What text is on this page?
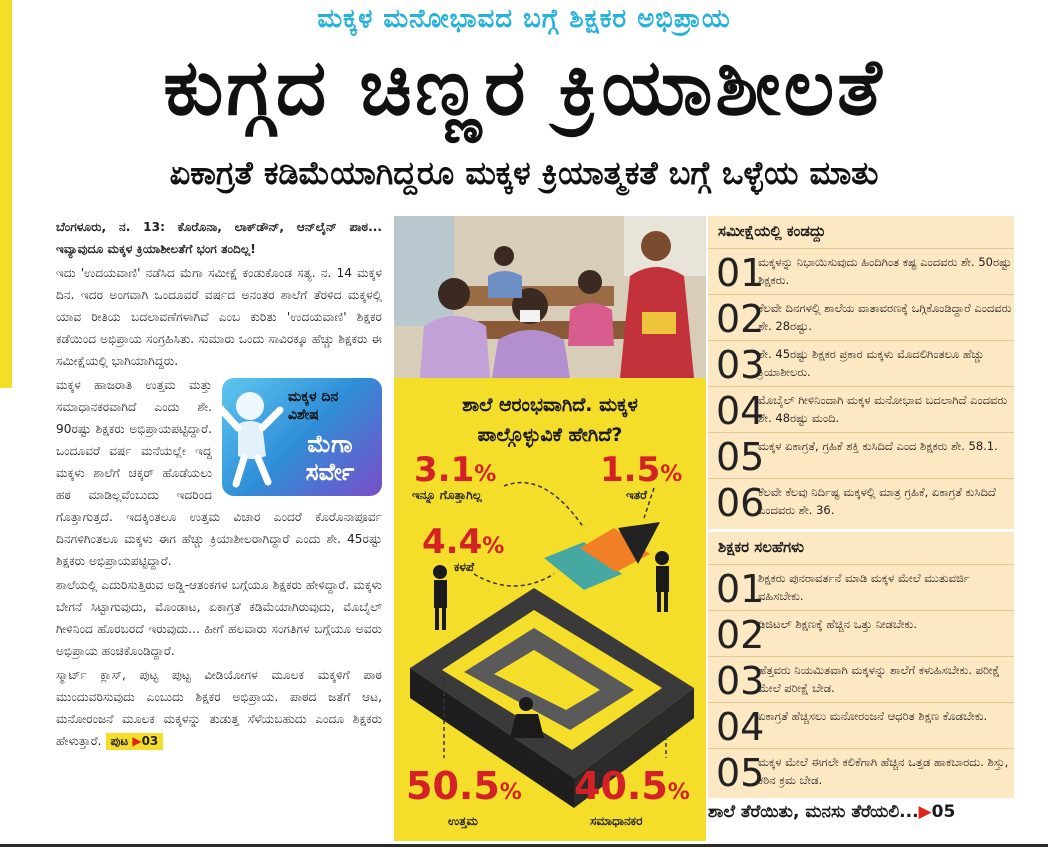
ಮಕ್ಕಳ ಮನೋಭಾವದ ಬಗ್ಗೆ ಶಿಕ್ಷಕರ ಅಭಿಪ್ರಾಯ
ಕುಗ್ಗದ ಚಿಣ್ಣರ ಕ್ರಿಯಾಶೀಲತೆ
ಏಕಾಗ್ರತೆ ಕಡಿಮೆಯಾಗಿದ್ದರೂ ಮಕ್ಕಳ ಕ್ರಿಯಾತ್ಮಕತೆ ಬಗ್ಗೆ ಒಳ್ಳೆಯ ಮಾತು

ಬೆಂಗಳೂರು, ನ. 13: ಕೊರೊನಾ, ಲಾಕ್‌ಡೌನ್, ಆನ್‌ಲೈನ್ ಪಾಠ... ಇವ್ಯಾವುದೂ ಮಕ್ಕಳ ಕ್ರಿಯಾಶೀಲತೆಗೆ ಭಂಗ ತಂದಿಲ್ಲ!

ಇದು 'ಉದಯವಾಣಿ' ನಡೆಸಿದ ಮೆಗಾ ಸಮೀಕ್ಷೆ ಕಂಡುಕೊಂಡ ಸತ್ಯ. ನ. 14 ಮಕ್ಕಳ ದಿನ. ಇದರ ಅಂಗವಾಗಿ ಒಂದೂವರೆ ವರ್ಷದ ಅನಂತರ ಶಾಲೆಗೆ ತೆರಳಿದ ಮಕ್ಕಳಲ್ಲಿ ಯಾವ ರೀತಿಯ ಬದಲಾವಣೆಗಳಾಗಿವೆ ಎಂಬ ಕುರಿತು 'ಉದಯವಾಣಿ' ಶಿಕ್ಷಕರ ಕಡೆಯಿಂದ ಅಭಿಪ್ರಾಯ ಸಂಗ್ರಹಿಸಿತು. ಸುಮಾರು ಒಂದು ಸಾವಿರಕ್ಕೂ ಹೆಚ್ಚು ಶಿಕ್ಷಕರು ಈ ಸಮೀಕ್ಷೆಯಲ್ಲಿ ಭಾಗಿಯಾಗಿದ್ದರು.

ಮಕ್ಕಳ ದಿನ
ವಿಶೇಷ
ಮೆಗಾ
ಸರ್ವೇ

ಮಕ್ಕಳ ಹಾಜರಾತಿ ಉತ್ತಮ ಮತ್ತು ಸಮಾಧಾನಕರವಾಗಿದೆ ಎಂದು ಶೇ. 90ರಷ್ಟು ಶಿಕ್ಷಕರು ಅಭಿಪ್ರಾಯಪಟ್ಟಿದ್ದಾರೆ. ಒಂದೂವರೆ ವರ್ಷ ಮನೆಯಲ್ಲೇ ಇದ್ದ ಮಕ್ಕಳು ಶಾಲೆಗೆ ಚಕ್ಕರ್ ಹೊಡೆಯಲು ಹಠ ಮಾಡಿಲ್ಲವೆಂಬುದು ಇದರಿಂದ ಗೊತ್ತಾಗುತ್ತದೆ. ಇದಕ್ಕಿಂತಲೂ ಉತ್ತಮ ವಿಚಾರ ಎಂದರೆ ಕೊರೊನಾಪೂರ್ವ ದಿನಗಳಿಗಿಂತಲೂ ಮಕ್ಕಳು ಈಗ ಹೆಚ್ಚು ಕ್ರಿಯಾಶೀಲರಾಗಿದ್ದಾರೆ ಎಂದು ಶೇ. 45ರಷ್ಟು ಶಿಕ್ಷಕರು ಅಭಿಪ್ರಾಯಪಟ್ಟಿದ್ದಾರೆ.

ಶಾಲೆಯಲ್ಲಿ ಎದುರಿಸುತ್ತಿರುವ ಅಡ್ಡಿ-ಆತಂಕಗಳ ಬಗ್ಗೆಯೂ ಶಿಕ್ಷಕರು ಹೇಳಿದ್ದಾರೆ. ಮಕ್ಕಳು ಬೇಗನೆ ಸಿಟ್ಟಾಗುವುದು, ಮೊಂಡಾಟ, ಏಕಾಗ್ರತೆ ಕಡಿಮೆಯಾಗಿರುವುದು, ಮೊಬೈಲ್ ಗೀಳಿನಿಂದ ಹೊರಬರದೆ ಇರುವುದು... ಹೀಗೆ ಹಲವಾರು ಸಂಗತಿಗಳ ಬಗ್ಗೆಯೂ ಅವರು ಅಭಿಪ್ರಾಯ ಹಂಚಿಕೊಂಡಿದ್ದಾರೆ.

ಸ್ಮಾರ್ಟ್ ಕ್ಲಾಸ್, ಪುಟ್ಟ ಪುಟ್ಟ ವೀಡಿಯೋಗಳ ಮೂಲಕ ಮಕ್ಕಳಿಗೆ ಪಾಠ ಮುಂದುವರಿಸುವುದು ಎಂಬುದು ಶಿಕ್ಷಕರ ಅಭಿಪ್ರಾಯ. ಪಾಠದ ಜತೆಗೆ ಆಟ, ಮನೋರಂಜನೆ ಮೂಲಕ ಮಕ್ಕಳನ್ನು ತುಡುತ್ತ ಸೆಳೆಯಬಹುದು ಎಂದೂ ಶಿಕ್ಷಕರು ಹೇಳುತ್ತಾರೆ. ಪುಟ ▶03

ಶಾಲೆ ಆರಂಭವಾಗಿದೆ. ಮಕ್ಕಳ
ಪಾಲ್ಗೊಳ್ಳುವಿಕೆ ಹೇಗಿದೆ?
3.1%
ಇನ್ನೂ ಗೊತ್ತಾಗಿಲ್ಲ
1.5%
ಇತರೆ
4.4%
ಕಳಪೆ
50.5%
ಉತ್ತಮ
40.5%
ಸಮಾಧಾನಕರ
ಸಮೀಕ್ಷೆಯಲ್ಲಿ ಕಂಡದ್ದು
01
ಮಕ್ಕಳನ್ನು ನಿಭಾಯಿಸುವುದು ಹಿಂದಿಗಿಂತ ಕಷ್ಟ ಎಂದವರು ಶೇ. 50ರಷ್ಟು ಶಿಕ್ಷಕರು.
02
ಕೆಲವೇ ದಿನಗಳಲ್ಲಿ ಶಾಲೆಯ ವಾತಾವರಣಕ್ಕೆ ಒಗ್ಗಿಕೊಂಡಿದ್ದಾರೆ ಎಂದವರು ಶೇ. 28ರಷ್ಟು.
03
ಶೇ. 45ರಷ್ಟು ಶಿಕ್ಷಕರ ಪ್ರಕಾರ ಮಕ್ಕಳು ಮೊದಲಿಗಿಂತಲೂ ಹೆಚ್ಚು ಕ್ರಿಯಾಶೀಲರು.
04
ಮೊಬೈಲ್ ಗೀಳಿನಿಂದಾಗಿ ಮಕ್ಕಳ ಮನೋಭಾವ ಬದಲಾಗಿದೆ ಎಂದವರು ಶೇ. 48ರಷ್ಟು ಮಂದಿ.
05
ಮಕ್ಕಳ ಏಕಾಗ್ರತೆ, ಗ್ರಹಿಕೆ ಶಕ್ತಿ ಕುಸಿದಿದೆ ಎಂದ ಶಿಕ್ಷಕರು ಶೇ. 58.1.
06
ಕೆಲವೇ ಕೆಲವು ನಿರ್ದಿಷ್ಟ ಮಕ್ಕಳಲ್ಲಿ ಮಾತ್ರ ಗ್ರಹಿಕೆ, ಏಕಾಗ್ರತೆ ಕುಸಿದಿದೆ ಎಂದವರು ಶೇ. 36.
ಶಿಕ್ಷಕರ ಸಲಹೆಗಳು
01
ಶಿಕ್ಷಕರು ಪುನರಾವರ್ತನೆ ಮಾಡಿ ಮಕ್ಕಳ ಮೇಲೆ ಮುತುವರ್ಜಿ ವಹಿಸಬೇಕು.
02
ಡಿಜಿಟಲ್ ಶಿಕ್ಷಣಕ್ಕೆ ಹೆಚ್ಚಿನ ಒತ್ತು ನೀಡಬೇಕು.
03
ಹೆತ್ತವರು ನಿಯಮಿತವಾಗಿ ಮಕ್ಕಳನ್ನು ಶಾಲೆಗೆ ಕಳುಹಿಸಬೇಕು. ಪರೀಕ್ಷೆ ಮೇಲೆ ಪರೀಕ್ಷೆ ಬೇಡ.
04
ಏಕಾಗ್ರತೆ ಹೆಚ್ಚಿಸಲು ಮನೋರಂಜನೆ ಆಧರಿತ ಶಿಕ್ಷಣ ಕೊಡಬೇಕು.
05
ಮಕ್ಕಳ ಮೇಲೆ ಈಗಲೇ ಕಲಿಕೆಗಾಗಿ ಹೆಚ್ಚಿನ ಒತ್ತಡ ಹಾಕಬಾರದು. ಶಿಸ್ತು, ಕಠಿನ ಕ್ರಮ ಬೇಡ.
ಶಾಲೆ ತೆರೆಯಿತು, ಮನಸು ತೆರೆಯಲಿ...▶05
